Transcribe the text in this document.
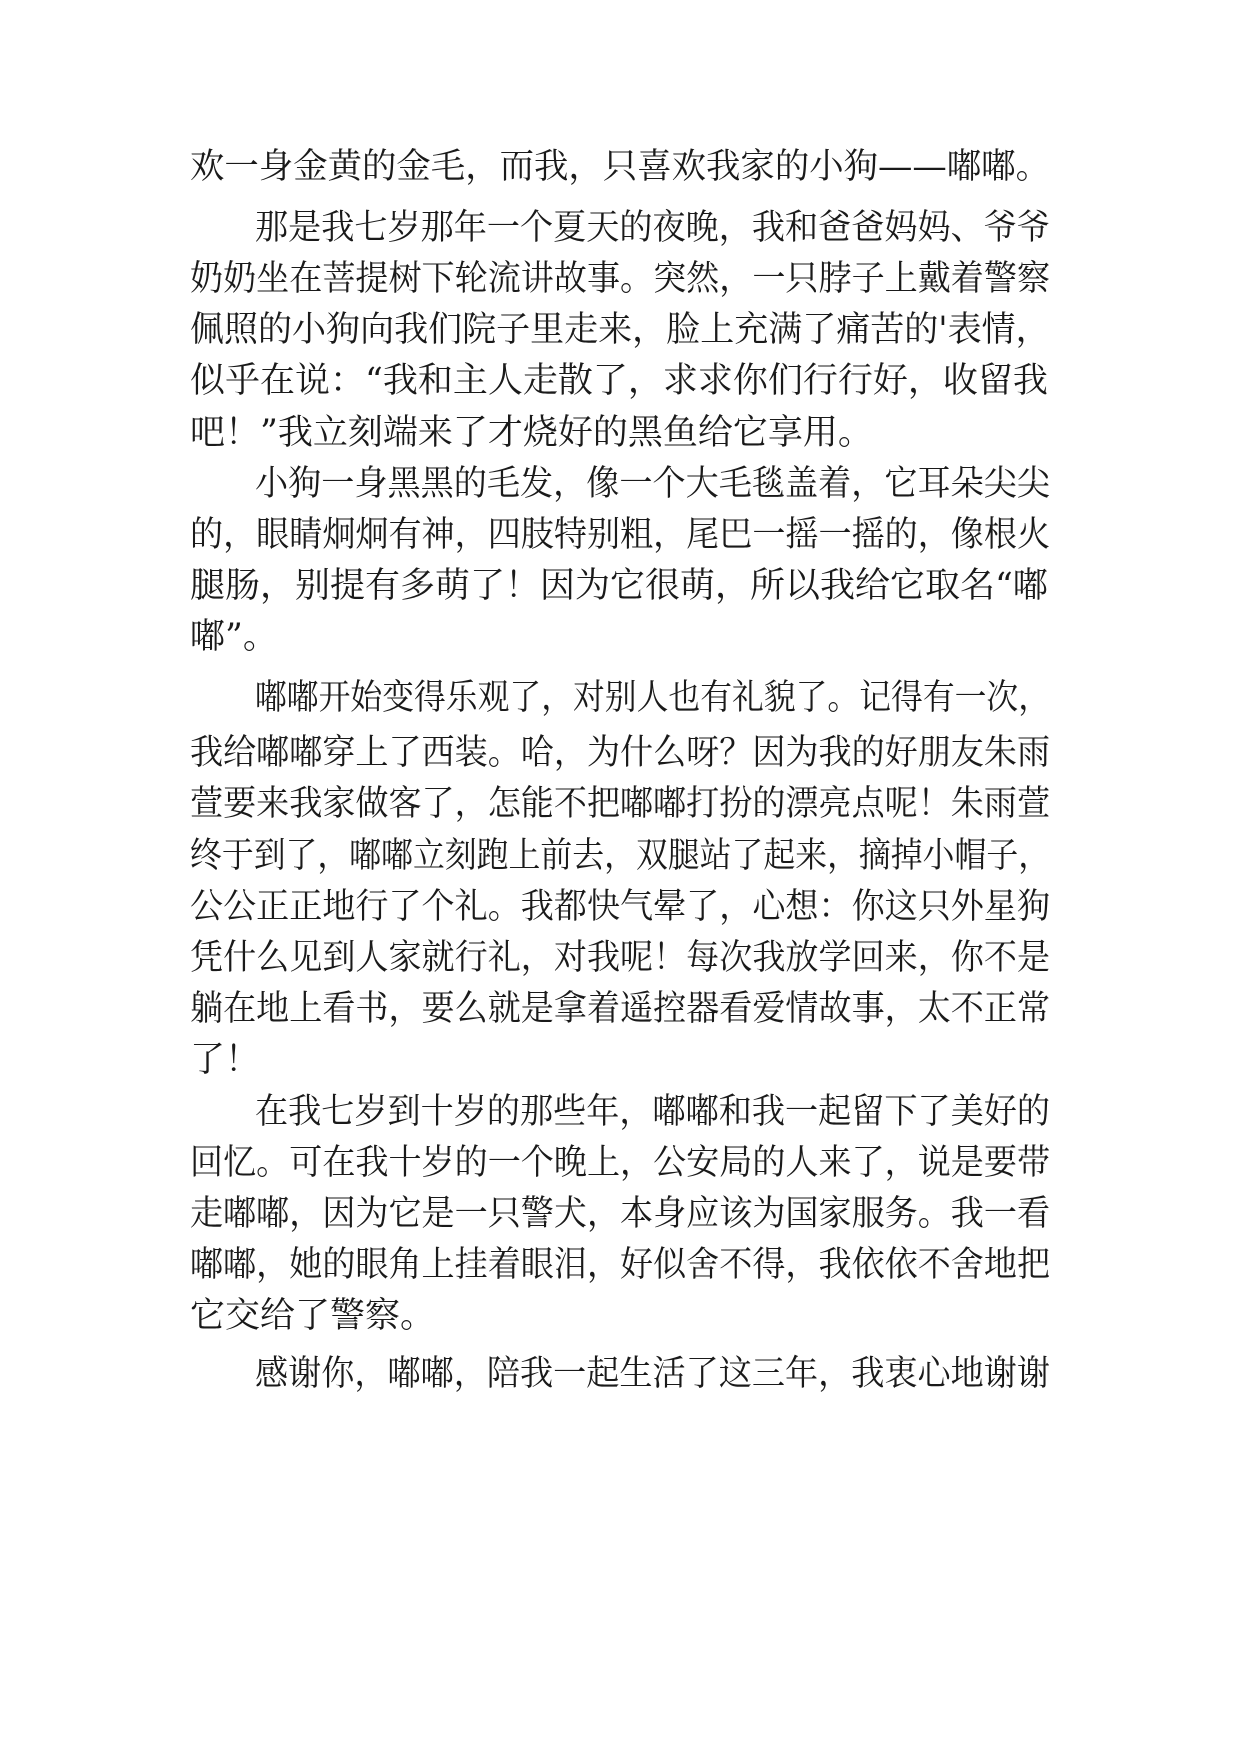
欢一身金黄的金毛，而我，只喜欢我家的小狗——嘟嘟。
那是我七岁那年一个夏天的夜晚，我和爸爸妈妈、爷爷
奶奶坐在菩提树下轮流讲故事。突然，一只脖子上戴着警察
佩照的小狗向我们院子里走来，脸上充满了痛苦的'表情，
似乎在说：“我和主人走散了，求求你们行行好，收留我
吧！”我立刻端来了才烧好的黑鱼给它享用。
小狗一身黑黑的毛发，像一个大毛毯盖着，它耳朵尖尖
的，眼睛炯炯有神，四肢特别粗，尾巴一摇一摇的，像根火
腿肠，别提有多萌了！因为它很萌，所以我给它取名“嘟
嘟”。
嘟嘟开始变得乐观了，对别人也有礼貌了。记得有一次，
我给嘟嘟穿上了西装。哈，为什么呀？因为我的好朋友朱雨
萱要来我家做客了，怎能不把嘟嘟打扮的漂亮点呢！朱雨萱
终于到了，嘟嘟立刻跑上前去，双腿站了起来，摘掉小帽子，
公公正正地行了个礼。我都快气晕了，心想：你这只外星狗
凭什么见到人家就行礼，对我呢！每次我放学回来，你不是
躺在地上看书，要么就是拿着遥控器看爱情故事，太不正常
了！
在我七岁到十岁的那些年，嘟嘟和我一起留下了美好的
回忆。可在我十岁的一个晚上，公安局的人来了，说是要带
走嘟嘟，因为它是一只警犬，本身应该为国家服务。我一看
嘟嘟，她的眼角上挂着眼泪，好似舍不得，我依依不舍地把
它交给了警察。
感谢你，嘟嘟，陪我一起生活了这三年，我衷心地谢谢
